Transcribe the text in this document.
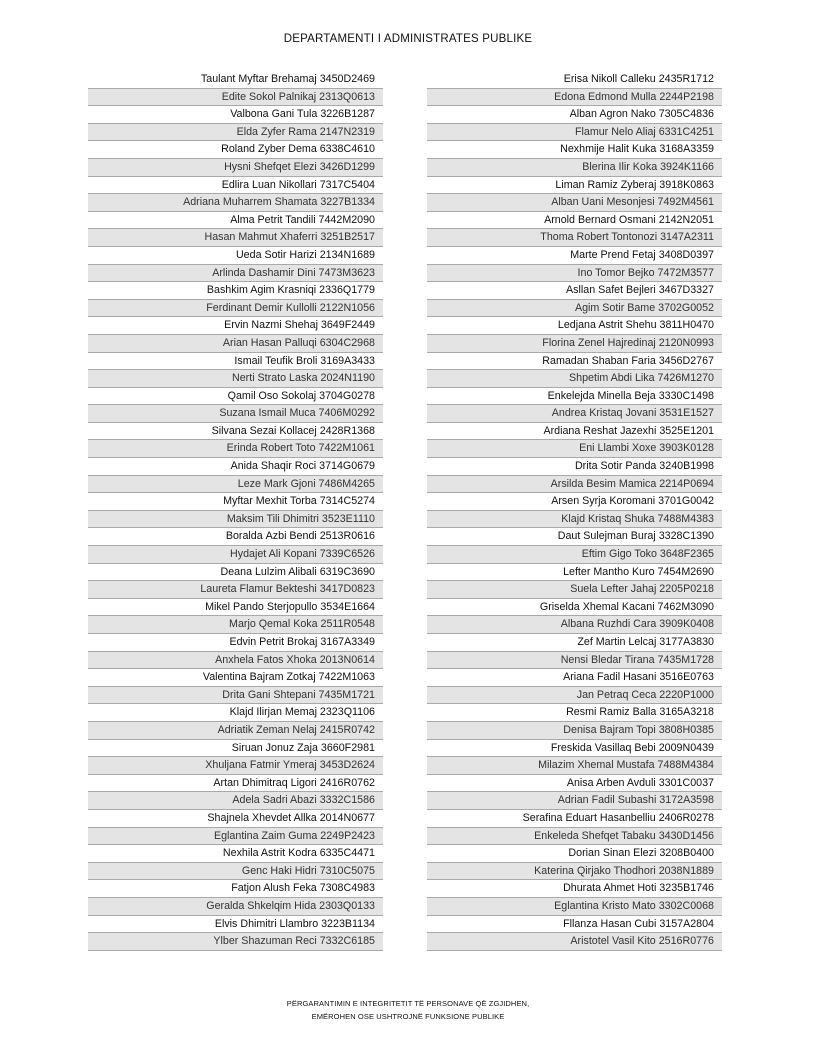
DEPARTAMENTI I ADMINISTRATES PUBLIKE
Taulant Myftar Brehamaj 3450D2469
Edite Sokol Palnikaj 2313Q0613
Valbona Gani Tula 3226B1287
Elda Zyfer Rama 2147N2319
Roland Zyber Dema 6338C4610
Hysni Shefqet Elezi 3426D1299
Edlira Luan Nikollari 7317C5404
Adriana Muharrem Shamata 3227B1334
Alma Petrit Tandili 7442M2090
Hasan Mahmut Xhaferri 3251B2517
Ueda Sotir Harizi 2134N1689
Arlinda Dashamir Dini 7473M3623
Bashkim Agim Krasniqi 2336Q1779
Ferdinant Demir Kullolli 2122N1056
Ervin Nazmi Shehaj 3649F2449
Arian Hasan Palluqi 6304C2968
Ismail Teufik Broli 3169A3433
Nerti Strato Laska 2024N1190
Qamil Oso Sokolaj 3704G0278
Suzana Ismail Muca 7406M0292
Silvana Sezai Kollacej 2428R1368
Erinda Robert Toto 7422M1061
Anida Shaqir Roci 3714G0679
Leze Mark Gjoni 7486M4265
Myftar Mexhit Torba 7314C5274
Maksim Tili Dhimitri 3523E1110
Boraldа Azbi Bendi 2513R0616
Hydajet Ali Kopani 7339C6526
Deana Lulzim Alibali 6319C3690
Laureta Flamur Bekteshi 3417D0823
Mikel Pando Sterjopullo 3534E1664
Marjo Qemal Koka 2511R0548
Edvin Petrit Brokaj 3167A3349
Anxhela Fatos Xhoka 2013N0614
Valentina Bajram Zotkaj 7422M1063
Drita Gani Shtepani 7435M1721
Klajd Ilirjan Memaj 2323Q1106
Adriatik Zeman Nelaj 2415R0742
Siruan Jonuz Zaja 3660F2981
Xhuljana Fatmir Ymeraj 3453D2624
Artan Dhimitraq Ligori 2416R0762
Adela Sadri Abazi 3332C1586
Shajnela Xhevdet Allka 2014N0677
Eglantina Zaim Guma 2249P2423
Nexhila Astrit Kodra 6335C4471
Genc Haki Hidri 7310C5075
Fatjon Alush Feka 7308C4983
Geralda Shkelqim Hida 2303Q0133
Elvis Dhimitri Llambro 3223B1134
Ylber Shazuman Reci 7332C6185
Erisa Nikoll Calleku 2435R1712
Edona Edmond Mulla 2244P2198
Alban Agron Nako 7305C4836
Flamur Nelo Aliaj 6331C4251
Nexhmije Halit Kuka 3168A3359
Blerina Ilir Koka 3924K1166
Liman Ramiz Zyberaj 3918K0863
Alban Uani Mesonjesi 7492M4561
Arnold Bernard Osmani 2142N2051
Thoma Robert Tontonozi 3147A2311
Marte Prend Fetaj 3408D0397
Ino Tomor Bejko 7472M3577
Asllan Safet Bejleri 3467D3327
Agim Sotir Bame 3702G0052
Ledjana Astrit Shehu 3811H0470
Florina Zenel Hajredinaj 2120N0993
Ramadan Shaban Faria 3456D2767
Shpetim Abdi Lika 7426M1270
Enkelejda Minella Beja 3330C1498
Andrea Kristaq Jovani 3531E1527
Ardiana Reshat Jazexhi 3525E1201
Eni Llambi Xoxe 3903K0128
Drita Sotir Panda 3240B1998
Arsilda Besim Mamica 2214P0694
Arsen Syrja Koromani 3701G0042
Klajd Kristaq Shuka 7488M4383
Daut Sulejman Buraj 3328C1390
Eftim Gigo Toko 3648F2365
Lefter Mantho Kuro 7454M2690
Suela Lefter Jahaj 2205P0218
Griselda Xhemal Kacani 7462M3090
Albana Ruzhdi Cara 3909K0408
Zef Martin Lelcaj 3177A3830
Nensi Bledar Tirana 7435M1728
Ariana Fadil Hasani 3516E0763
Jan Petraq Ceca 2220P1000
Resmi Ramiz Balla 3165A3218
Denisa Bajram Topi 3808H0385
Freskida Vasillaq Bebi 2009N0439
Milazim Xhemal Mustafa 7488M4384
Anisa Arben Avduli 3301C0037
Adrian Fadil Subashi 3172A3598
Serafina Eduart Hasanbelliu 2406R0278
Enkeleda Shefqet Tabaku 3430D1456
Dorian Sinan Elezi 3208B0400
Katerina Qirjako Thodhori 2038N1889
Dhurata Ahmet Hoti 3235B1746
Eglantina Kristo Mato 3302C0068
Fllanza Hasan Cubi 3157A2804
Aristotel Vasil Kito 2516R0776
PËRGARANTIMIN E INTEGRITETIT TË PERSONAVE QË ZGJIDHEN,
EMËROHEN OSE USHTROJNË FUNKSIONE PUBLIKE
